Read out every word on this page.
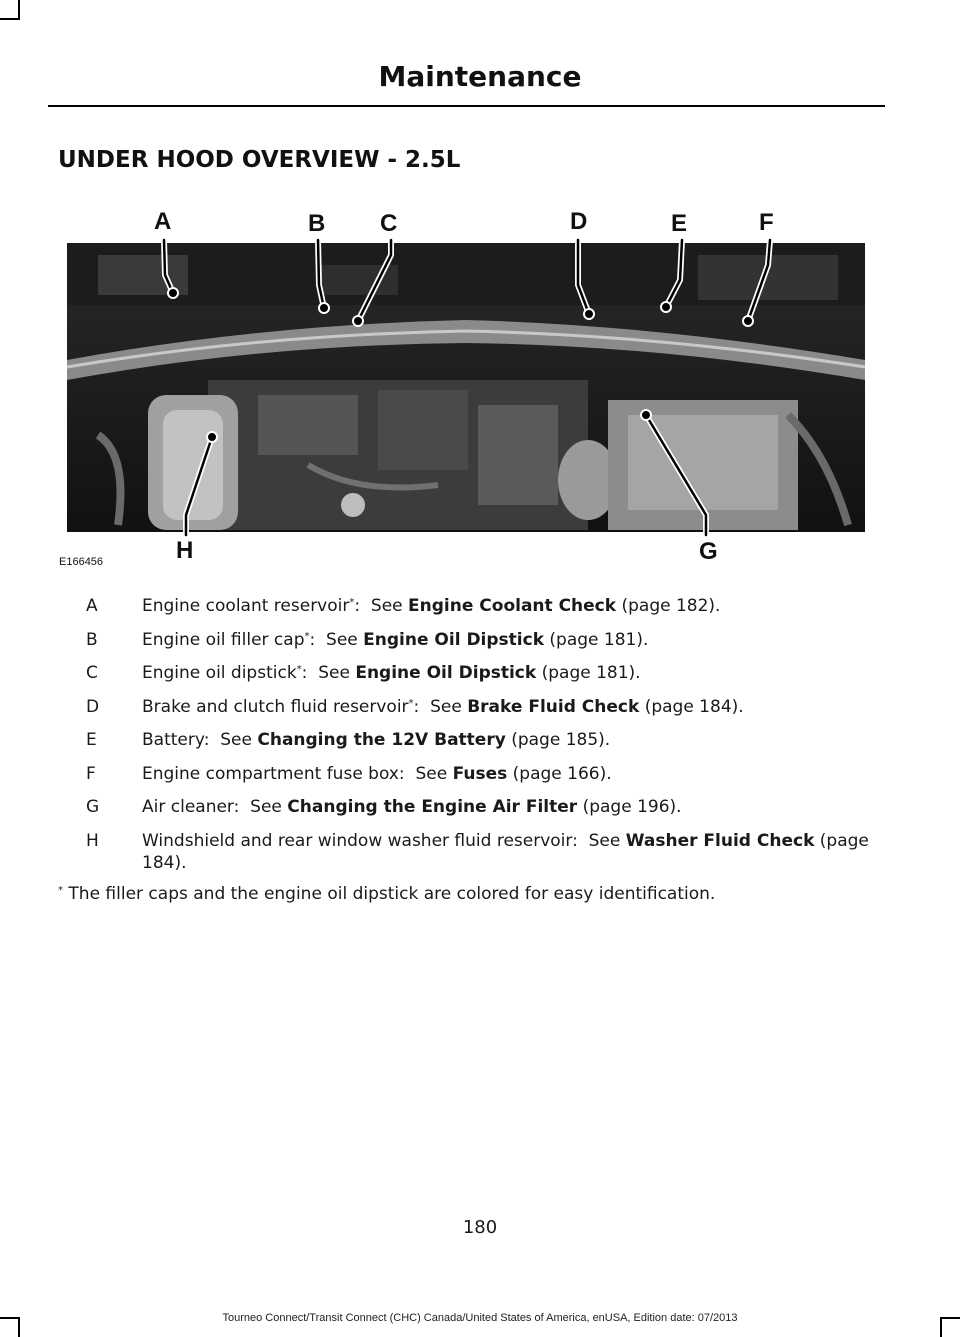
Maintenance
UNDER HOOD OVERVIEW - 2.5L
A	B C	D	E	F
G
H
E166456
A	Engine coolant reservoir*:  See Engine Coolant Check (page 182).
B	Engine oil filler cap*:  See Engine Oil Dipstick (page 181).
C	Engine oil dipstick*:  See Engine Oil Dipstick (page 181).
D	Brake and clutch fluid reservoir*:  See Brake Fluid Check (page 184).
E	Battery:  See Changing the 12V Battery (page 185).
F	Engine compartment fuse box:  See Fuses (page 166).
G	Air cleaner:  See Changing the Engine Air Filter (page 196).
H	Windshield and rear window washer fluid reservoir:  See Washer Fluid Check (page 184).
* The filler caps and the engine oil dipstick are colored for easy identification.
180
Tourneo Connect/Transit Connect (CHC) Canada/United States of America, enUSA, Edition date: 07/2013
